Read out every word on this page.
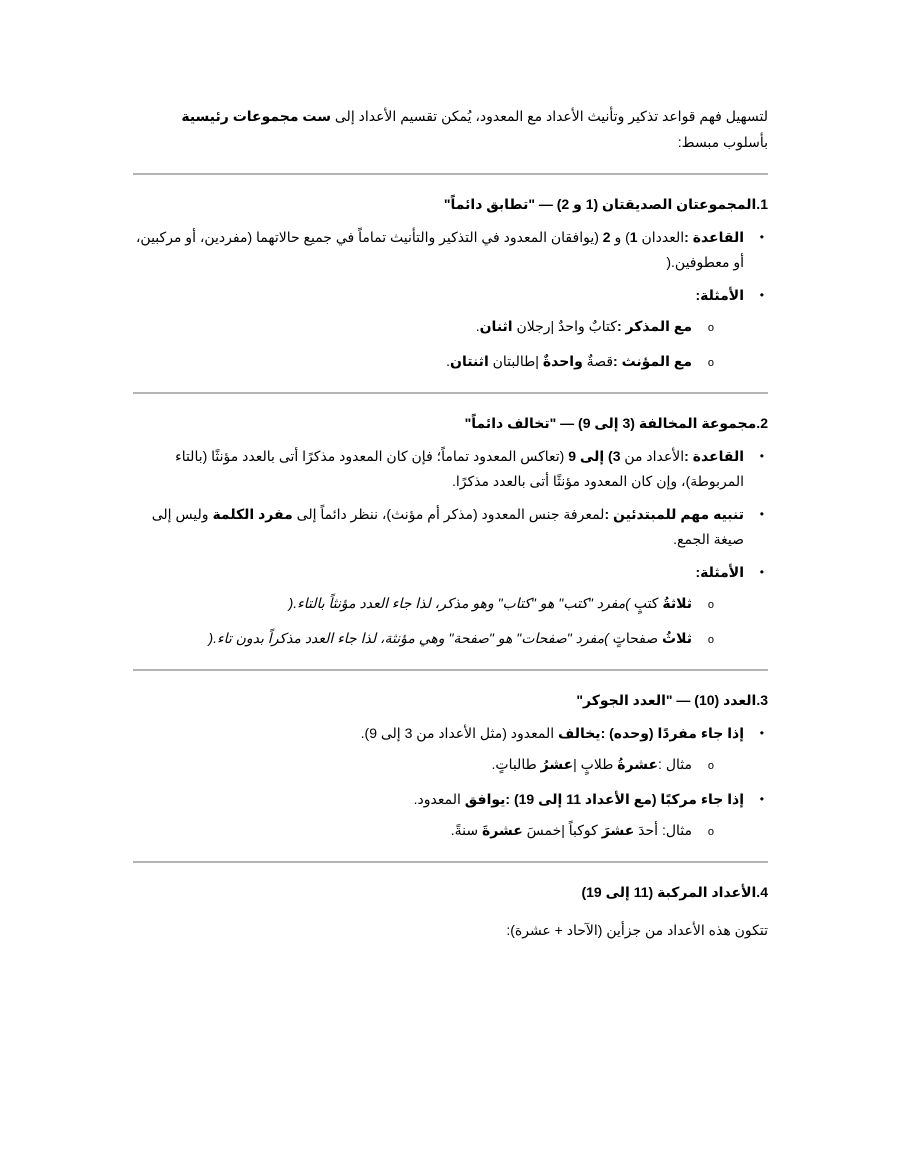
لتسهيل فهم قواعد تذكير وتأنيث الأعداد مع المعدود، يُمكن تقسيم الأعداد إلى ست مجموعات رئيسية بأسلوب مبسط:

1.المجموعتان الصديقتان (1 و 2) — "تطابق دائماً"

• القاعدة :العددان 1) و 2 (يوافقان المعدود في التذكير والتأنيث تماماً في جميع حالاتهما (مفردين، أو مركبين، أو معطوفين.(
• الأمثلة:
o مع المذكر :كتابٌ واحدٌ |رجلان اثنان.
o مع المؤنث :قصةٌ واحدةٌ |طالبتان اثنتان.

2.مجموعة المخالفة (3 إلى 9) — "تخالف دائماً"

• القاعدة :الأعداد من 3) إلى 9 (تعاكس المعدود تماماً؛ فإن كان المعدود مذكرًا أتى بالعدد مؤنثًا (بالتاء المربوطة)، وإن كان المعدود مؤنثًا أتى بالعدد مذكرًا.
• تنبيه مهم للمبتدئين :لمعرفة جنس المعدود (مذكر أم مؤنث)، ننظر دائماً إلى مفرد الكلمة وليس إلى صيغة الجمع.
• الأمثلة:
o ثلاثةُ كتبٍ )مفرد "كتب" هو "كتاب" وهو مذكر، لذا جاء العدد مؤنثاً بالتاء.(
o ثلاثُ صفحاتٍ )مفرد "صفحات" هو "صفحة" وهي مؤنثة، لذا جاء العدد مذكراً بدون تاء.(

3.العدد (10) — "العدد الجوكر"

• إذا جاء مفردًا (وحده) :يخالف المعدود (مثل الأعداد من 3 إلى 9).
o مثال :عشرةُ طلابٍ |عشرُ طالباتٍ.
• إذا جاء مركبًا (مع الأعداد 11 إلى 19) :يوافق المعدود.
o مثال: أحدَ عشرَ كوكباً |خمسَ عشرةَ سنةً.

4.الأعداد المركبة (11 إلى 19)

تتكون هذه الأعداد من جزأين (الآحاد + عشرة):
